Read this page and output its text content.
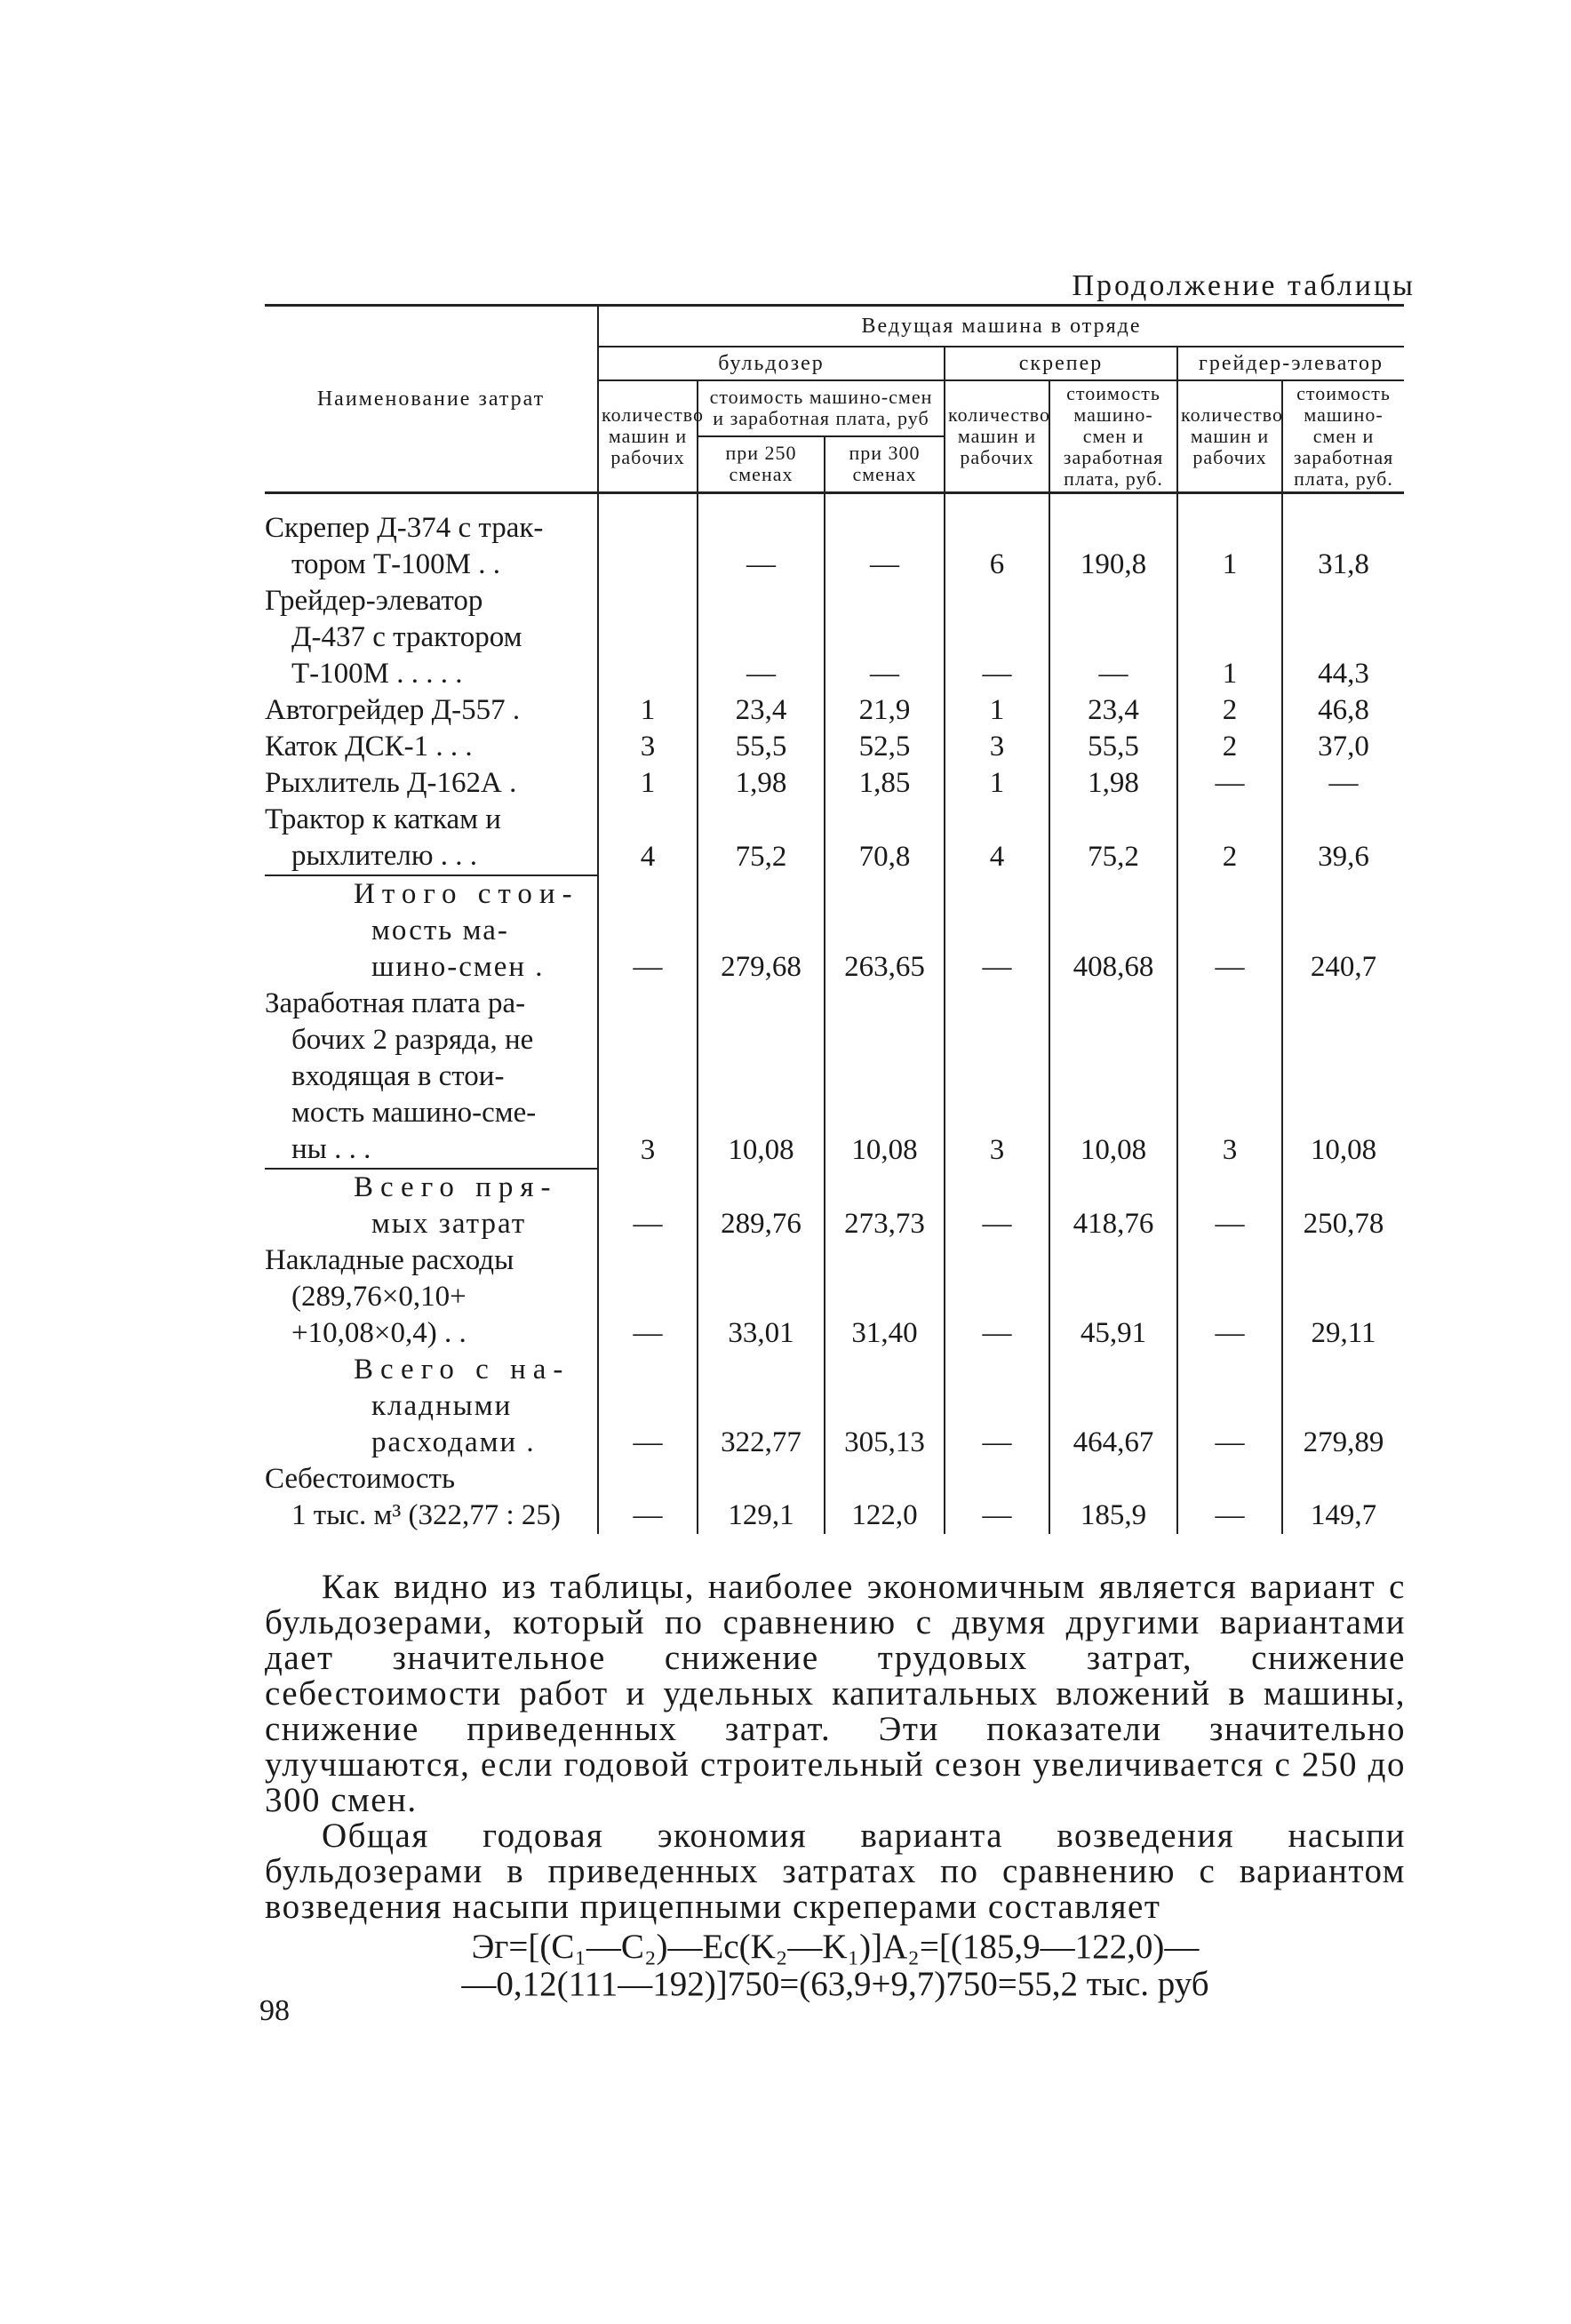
Продолжение таблицы
Наименование затрат	Ведущая машина в отряде						
	бульдозер			скрепер		грейдер-элеватор	
	количество машин и рабочих	стоимость машино-смен и заработная плата, руб		количество машин и рабочих	стоимость машино-смен и заработная плата, руб.	количество машин и рабочих	стоимость машино-смен и заработная плата, руб.
		при 250 сменах	при 300 сменах				

Скрепер Д-374 с трак-
тором Т-100М . .		—	—	6	190,8	1	31,8

Грейдер-элеватор
Д-437 с трактором
Т-100М . . . . .		—	—	—	—	1	44,3

Автогрейдер Д-557 .	1	23,4	21,9	1	23,4	2	46,8

Каток ДСК-1 . . .	3	55,5	52,5	3	55,5	2	37,0

Рыхлитель Д-162А .	1	1,98	1,85	1	1,98	—	—

Трактор к каткам и
рыхлителю . . .	4	75,2	70,8	4	75,2	2	39,6

Итого стои-
мость ма-
шино-смен .	—	279,68	263,65	—	408,68	—	240,7

Заработная плата ра-
бочих 2 разряда, не
входящая в стои-
мость машино-сме-
ны . . .	3	10,08	10,08	3	10,08	3	10,08

Всего пря-
мых затрат	—	289,76	273,73	—	418,76	—	250,78

Накладные расходы
(289,76×0,10+
+10,08×0,4) . .	—	33,01	31,40	—	45,91	—	29,11

Всего с на-
кладными
расходами .	—	322,77	305,13	—	464,67	—	279,89

Себестоимость
1 тыс. м³ (322,77 : 25)	—	129,1	122,0	—	185,9	—	149,7

Как видно из таблицы, наиболее экономичным является вариант с бульдозерами, который по сравнению с двумя другими вариантами дает значительное снижение трудовых затрат, снижение себестоимости работ и удельных капитальных вложений в машины, снижение приведенных затрат. Эти показатели значительно улучшаются, если годовой строительный сезон увеличивается с 250 до 300 смен.

Общая годовая экономия варианта возведения насыпи бульдозерами в приведенных затратах по сравнению с вариантом возведения насыпи прицепными скреперами составляет

Эг=[(C₁—C₂)—Eс(K₂—K₁)]A₂=[(185,9—122,0)—
—0,12(111—192)]750=(63,9+9,7)750=55,2 тыс. руб
98
